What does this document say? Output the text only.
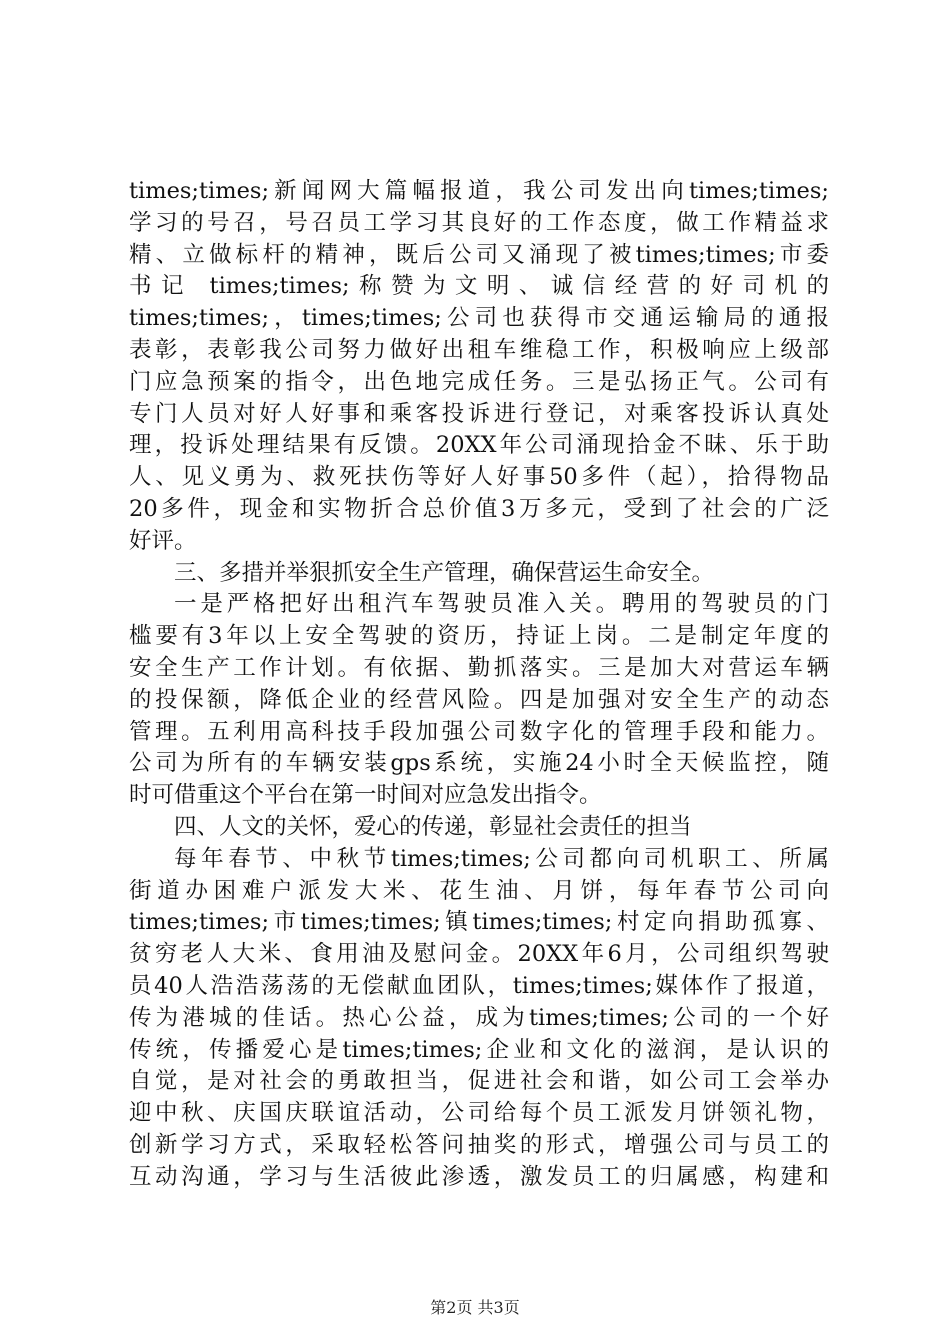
times;times;新闻网大篇幅报道，我公司发出向times;times;
学习的号召，号召员工学习其良好的工作态度，做工作精益求
精、立做标杆的精神，既后公司又涌现了被times;times;市委
书记 times;times;称赞为文明、诚信经营的好司机的
times;times;，times;times;公司也获得市交通运输局的通报
表彰，表彰我公司努力做好出租车维稳工作，积极响应上级部
门应急预案的指令，出色地完成任务。三是弘扬正气。公司有
专门人员对好人好事和乘客投诉进行登记，对乘客投诉认真处
理，投诉处理结果有反馈。20XX年公司涌现拾金不昧、乐于助
人、见义勇为、救死扶伤等好人好事50多件（起），拾得物品
20多件，现金和实物折合总价值3万多元，受到了社会的广泛
好评。
三、多措并举狠抓安全生产管理，确保营运生命安全。
一是严格把好出租汽车驾驶员准入关。聘用的驾驶员的门
槛要有3年以上安全驾驶的资历，持证上岗。二是制定年度的
安全生产工作计划。有依据、勤抓落实。三是加大对营运车辆
的投保额，降低企业的经营风险。四是加强对安全生产的动态
管理。五利用高科技手段加强公司数字化的管理手段和能力。
公司为所有的车辆安装gps系统，实施24小时全天候监控，随
时可借重这个平台在第一时间对应急发出指令。
四、人文的关怀，爱心的传递，彰显社会责任的担当
每年春节、中秋节times;times;公司都向司机职工、所属
街道办困难户派发大米、花生油、月饼，每年春节公司向
times;times;市times;times;镇times;times;村定向捐助孤寡、
贫穷老人大米、食用油及慰问金。20XX年6月，公司组织驾驶
员40人浩浩荡荡的无偿献血团队，times;times;媒体作了报道，
传为港城的佳话。热心公益，成为times;times;公司的一个好
传统，传播爱心是times;times;企业和文化的滋润，是认识的
自觉，是对社会的勇敢担当，促进社会和谐，如公司工会举办
迎中秋、庆国庆联谊活动，公司给每个员工派发月饼领礼物，
创新学习方式，采取轻松答问抽奖的形式，增强公司与员工的
互动沟通，学习与生活彼此渗透，激发员工的归属感，构建和
第2页 共3页
